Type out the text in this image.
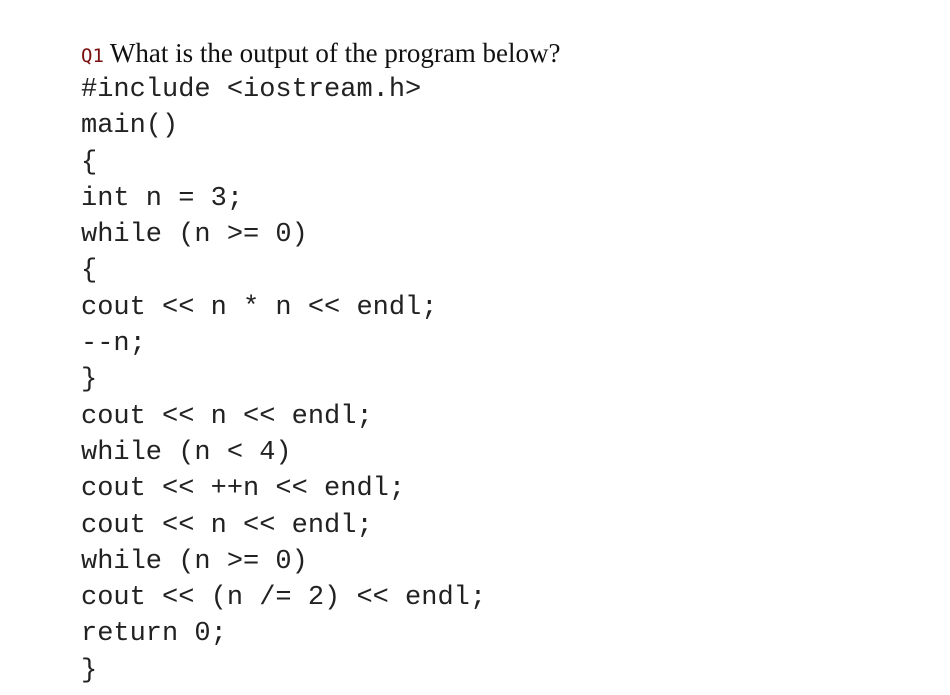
Q1 What is the output of the program below?
#include <iostream.h>
main()
{
int n = 3;
while (n >= 0)
{
cout << n * n << endl;
--n;
}
cout << n << endl;
while (n < 4)
cout << ++n << endl;
cout << n << endl;
while (n >= 0)
cout << (n /= 2) << endl;
return 0;
}
